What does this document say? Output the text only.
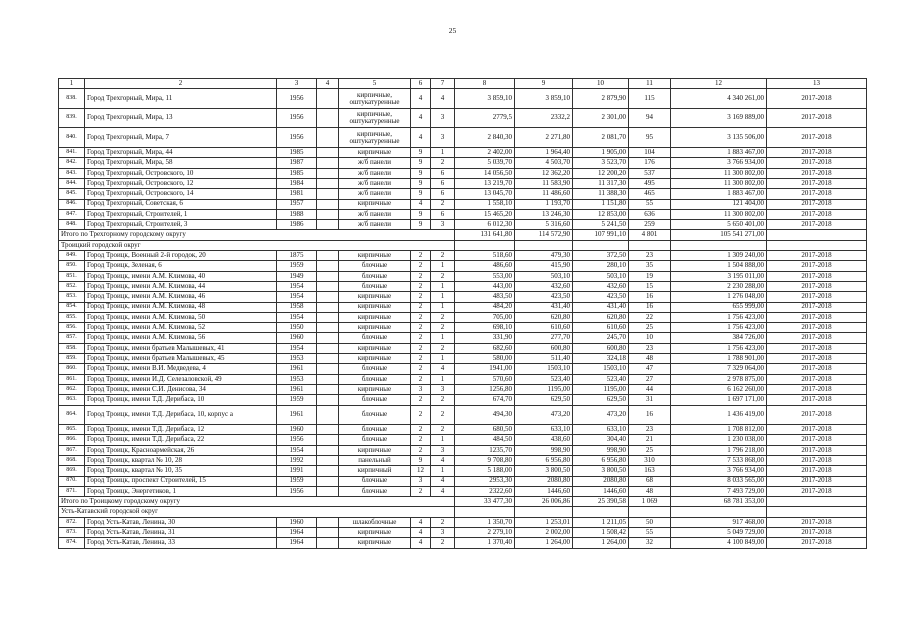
25
1	2	3	4	5	6	7	8	9	10	11	12	13
838.	Город Трехгорный, Мира, 11	1956		кирпичные, оштукатуренные	4	4	3 859,10	3 859,10	2 879,90	115	4 340 261,00	2017-2018
839.	Город Трехгорный, Мира, 13	1956		кирпичные, оштукатуренные	4	3	2779,5	2332,2	2 301,00	94	3 169 889,00	2017-2018
840.	Город Трехгорный, Мира, 7	1956		кирпичные, оштукатуренные	4	3	2 840,30	2 271,80	2 081,70	95	3 135 506,00	2017-2018
841.	Город Трехгорный, Мира, 44	1985		кирпичные	9	1	2 402,00	1 964,40	1 905,00	104	1 883 467,00	2017-2018
842.	Город Трехгорный, Мира, 58	1987		ж/б панели	9	2	5 039,70	4 503,70	3 523,70	176	3 766 934,00	2017-2018
843.	Город Трехгорный, Островского, 10	1985		ж/б панели	9	6	14 056,50	12 362,20	12 200,20	537	11 300 802,00	2017-2018
844.	Город Трехгорный, Островского, 12	1984		ж/б панели	9	6	13 219,70	11 583,90	11 317,30	495	11 300 802,00	2017-2018
845.	Город Трехгорный, Островского, 14	1981		ж/б панели	9	6	13 045,70	11 486,60	11 388,30	465	1 883 467,00	2017-2018
846.	Город Трехгорный, Советская, 6	1957		кирпичные	4	2	1 558,10	1 193,70	1 151,80	55	121 404,00	2017-2018
847.	Город Трехгорный, Строителей, 1	1988		ж/б панели	9	6	15 465,20	13 246,30	12 853,00	636	11 300 802,00	2017-2018
848.	Город Трехгорный, Строителей, 3	1986		ж/б панели	9	3	6 012,30	5 316,60	5 241,50	259	5 650 401,00	2017-2018
Итого по Трехгорному городскому округу							131 641,80	114 572,90	107 991,10	4 801	105 541 271,00	
Троицкий городской округ												
849.	Город Троицк, Военный 2-й городок, 20	1875		кирпичные	2	2	518,60	479,30	372,50	23	1 309 240,00	2017-2018
850.	Город Троицк, Зеленая, 6	1959		блочные	2	1	486,60	415,90	280,10	35	1 504 888,00	2017-2018
851.	Город Троицк, имени А.М. Климова, 40	1949		блочные	2	2	553,00	503,10	503,10	19	3 195 011,00	2017-2018
852.	Город Троицк, имени А.М. Климова, 44	1954		блочные	2	1	443,00	432,60	432,60	15	2 230 288,00	2017-2018
853.	Город Троицк, имени А.М. Климова, 46	1954		кирпичные	2	1	483,50	423,50	423,50	16	1 276 048,00	2017-2018
854.	Город Троицк, имени А.М. Климова, 48	1958		кирпичные	2	1	484,20	431,40	431,40	16	655 999,00	2017-2018
855.	Город Троицк, имени А.М. Климова, 50	1954		кирпичные	2	2	705,00	620,80	620,80	22	1 756 423,00	2017-2018
856.	Город Троицк, имени А.М. Климова, 52	1950		кирпичные	2	2	698,10	610,60	610,60	25	1 756 423,00	2017-2018
857.	Город Троицк, имени А.М. Климова, 56	1960		блочные	2	1	331,90	277,70	245,70	10	384 726,00	2017-2018
858.	Город Троицк, имени братьев Малышевых, 41	1954		кирпичные	2	2	682,60	600,80	600,80	23	1 756 423,00	2017-2018
859.	Город Троицк, имени братьев Малышевых, 45	1953		кирпичные	2	1	580,00	511,40	324,18	48	1 788 901,00	2017-2018
860.	Город Троицк, имени В.И. Медведева, 4	1961		блочные	2	4	1941,00	1503,10	1503,10	47	7 329 064,00	2017-2018
861.	Город Троицк, имени И.Д. Селезаловской, 49	1953		блочные	2	1	570,60	523,40	523,40	27	2 978 875,00	2017-2018
862.	Город Троицк, имени С.И. Денисова, 34	1961		кирпичные	3	3	1256,80	1195,00	1195,00	44	6 162 260,00	2017-2018
863.	Город Троицк, имени Т.Д. Дерибаса, 10	1959		блочные	2	2	674,70	629,50	629,50	31	1 697 171,00	2017-2018
864.	Город Троицк, имени Т.Д. Дерибаса, 10, корпус а	1961		блочные	2	2	494,30	473,20	473,20	16	1 436 419,00	2017-2018
865.	Город Троицк, имени Т.Д. Дерибаса, 12	1960		блочные	2	2	680,50	633,10	633,10	23	1 708 812,00	2017-2018
866.	Город Троицк, имени Т.Д. Дерибаса, 22	1956		блочные	2	1	484,50	438,60	304,40	21	1 230 038,00	2017-2018
867.	Город Троицк, Красноармейская, 26	1954		кирпичные	2	3	1235,70	998,90	998,90	25	1 796 218,00	2017-2018
868.	Город Троицк, квартал № 10, 28	1992		панельный	9	4	9 708,80	6 956,80	6 956,80	310	7 533 868,00	2017-2018
869.	Город Троицк, квартал № 10, 35	1991		кирпичный	12	1	5 188,00	3 800,50	3 800,50	163	3 766 934,00	2017-2018
870.	Город Троицк, проспект Строителей, 15	1959		блочные	3	4	2953,30	2080,80	2080,80	68	8 033 565,00	2017-2018
871.	Город Троицк, Энергетиков, 1	1956		блочные	2	4	2322,60	1446,60	1446,60	48	7 493 729,00	2017-2018
Итого по Троицкому городскому округу							33 477,30	26 006,86	25 390,58	1 069	68 781 353,00	
Усть-Катавский городской округ												
872.	Город Усть-Катав, Ленина, 30	1960		шлакоблочные	4	2	1 350,70	1 253,01	1 211,05	50	917 468,00	2017-2018
873.	Город Усть-Катав, Ленина, 31	1964		кирпичные	4	3	2 279,10	2 002,00	1 508,42	55	5 049 729,00	2017-2018
874.	Город Усть-Катав, Ленина, 33	1964		кирпичные	4	2	1 370,40	1 264,00	1 264,00	32	4 100 849,00	2017-2018
